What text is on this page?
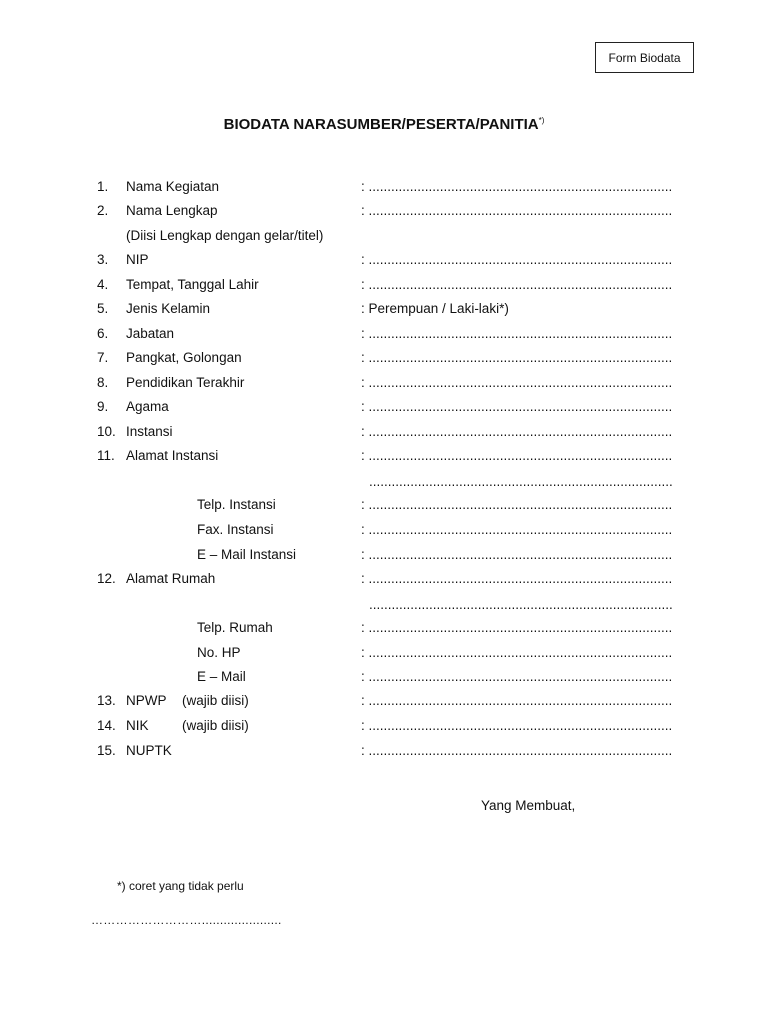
Form Biodata
BIODATA NARASUMBER/PESERTA/PANITIA*)
1.	Nama Kegiatan	: .................................................................................
2.	Nama Lengkap	: .................................................................................
(Diisi Lengkap dengan gelar/titel)
3.	NIP	: .................................................................................
4.	Tempat, Tanggal Lahir	: .................................................................................
5.	Jenis Kelamin	: Perempuan / Laki-laki*)
6.	Jabatan	: .................................................................................
7.	Pangkat, Golongan	: .................................................................................
8.	Pendidikan Terakhir	: .................................................................................
9.	Agama	: .................................................................................
10. Instansi	: .................................................................................
11. Alamat Instansi	: .................................................................................
.................................................................................
Telp. Instansi	: .................................................................................
Fax. Instansi	: .................................................................................
E – Mail Instansi	: .................................................................................
12. Alamat Rumah	: .................................................................................
.................................................................................
Telp. Rumah	: .................................................................................
No. HP	: .................................................................................
E – Mail	: .................................................................................
13. NPWP (wajib diisi)	: .................................................................................
14. NIK (wajib diisi)	: .................................................................................
15. NUPTK	: .................................................................................
Yang Membuat,
*) coret yang tidak perlu
………………………......................
